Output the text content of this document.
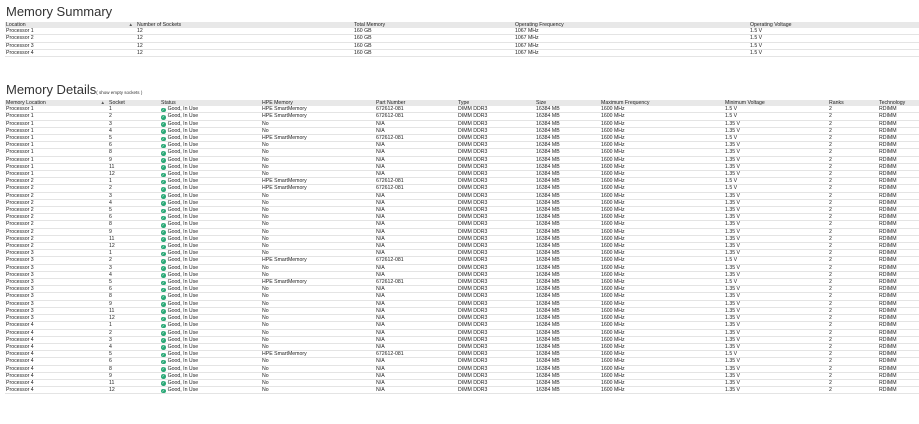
Memory Summary
Location ▲	Number of Sockets	Total Memory	Operating Frequency	Operating Voltage
Processor 1	12	160 GB	1067 MHz	1.5 V
Processor 2	12	160 GB	1067 MHz	1.5 V
Processor 3	12	160 GB	1067 MHz	1.5 V
Processor 4	12	160 GB	1067 MHz	1.5 V
Memory Details( show empty sockets )
Memory Location ▲	Socket	Status	HPE Memory	Part Number	Type	Size	Maximum Frequency	Minimum Voltage	Ranks	Technology
Processor 1	1	✓ Good, In Use	HPE SmartMemory	672612-081	DIMM DDR3	16384 MB	1600 MHz	1.5 V	2	RDIMM
Processor 1	2	✓ Good, In Use	HPE SmartMemory	672612-081	DIMM DDR3	16384 MB	1600 MHz	1.5 V	2	RDIMM
Processor 1	3	✓ Good, In Use	No	N/A	DIMM DDR3	16384 MB	1600 MHz	1.35 V	2	RDIMM
Processor 1	4	✓ Good, In Use	No	N/A	DIMM DDR3	16384 MB	1600 MHz	1.35 V	2	RDIMM
Processor 1	5	✓ Good, In Use	HPE SmartMemory	672612-081	DIMM DDR3	16384 MB	1600 MHz	1.5 V	2	RDIMM
Processor 1	6	✓ Good, In Use	No	N/A	DIMM DDR3	16384 MB	1600 MHz	1.35 V	2	RDIMM
Processor 1	8	✓ Good, In Use	No	N/A	DIMM DDR3	16384 MB	1600 MHz	1.35 V	2	RDIMM
Processor 1	9	✓ Good, In Use	No	N/A	DIMM DDR3	16384 MB	1600 MHz	1.35 V	2	RDIMM
Processor 1	11	✓ Good, In Use	No	N/A	DIMM DDR3	16384 MB	1600 MHz	1.35 V	2	RDIMM
Processor 1	12	✓ Good, In Use	No	N/A	DIMM DDR3	16384 MB	1600 MHz	1.35 V	2	RDIMM
Processor 2	1	✓ Good, In Use	HPE SmartMemory	672612-081	DIMM DDR3	16384 MB	1600 MHz	1.5 V	2	RDIMM
Processor 2	2	✓ Good, In Use	HPE SmartMemory	672612-081	DIMM DDR3	16384 MB	1600 MHz	1.5 V	2	RDIMM
Processor 2	3	✓ Good, In Use	No	N/A	DIMM DDR3	16384 MB	1600 MHz	1.35 V	2	RDIMM
Processor 2	4	✓ Good, In Use	No	N/A	DIMM DDR3	16384 MB	1600 MHz	1.35 V	2	RDIMM
Processor 2	5	✓ Good, In Use	No	N/A	DIMM DDR3	16384 MB	1600 MHz	1.35 V	2	RDIMM
Processor 2	6	✓ Good, In Use	No	N/A	DIMM DDR3	16384 MB	1600 MHz	1.35 V	2	RDIMM
Processor 2	8	✓ Good, In Use	No	N/A	DIMM DDR3	16384 MB	1600 MHz	1.35 V	2	RDIMM
Processor 2	9	✓ Good, In Use	No	N/A	DIMM DDR3	16384 MB	1600 MHz	1.35 V	2	RDIMM
Processor 2	11	✓ Good, In Use	No	N/A	DIMM DDR3	16384 MB	1600 MHz	1.35 V	2	RDIMM
Processor 2	12	✓ Good, In Use	No	N/A	DIMM DDR3	16384 MB	1600 MHz	1.35 V	2	RDIMM
Processor 3	1	✓ Good, In Use	No	N/A	DIMM DDR3	16384 MB	1600 MHz	1.35 V	2	RDIMM
Processor 3	2	✓ Good, In Use	HPE SmartMemory	672612-081	DIMM DDR3	16384 MB	1600 MHz	1.5 V	2	RDIMM
Processor 3	3	✓ Good, In Use	No	N/A	DIMM DDR3	16384 MB	1600 MHz	1.35 V	2	RDIMM
Processor 3	4	✓ Good, In Use	No	N/A	DIMM DDR3	16384 MB	1600 MHz	1.35 V	2	RDIMM
Processor 3	5	✓ Good, In Use	HPE SmartMemory	672612-081	DIMM DDR3	16384 MB	1600 MHz	1.5 V	2	RDIMM
Processor 3	6	✓ Good, In Use	No	N/A	DIMM DDR3	16384 MB	1600 MHz	1.35 V	2	RDIMM
Processor 3	8	✓ Good, In Use	No	N/A	DIMM DDR3	16384 MB	1600 MHz	1.35 V	2	RDIMM
Processor 3	9	✓ Good, In Use	No	N/A	DIMM DDR3	16384 MB	1600 MHz	1.35 V	2	RDIMM
Processor 3	11	✓ Good, In Use	No	N/A	DIMM DDR3	16384 MB	1600 MHz	1.35 V	2	RDIMM
Processor 3	12	✓ Good, In Use	No	N/A	DIMM DDR3	16384 MB	1600 MHz	1.35 V	2	RDIMM
Processor 4	1	✓ Good, In Use	No	N/A	DIMM DDR3	16384 MB	1600 MHz	1.35 V	2	RDIMM
Processor 4	2	✓ Good, In Use	No	N/A	DIMM DDR3	16384 MB	1600 MHz	1.35 V	2	RDIMM
Processor 4	3	✓ Good, In Use	No	N/A	DIMM DDR3	16384 MB	1600 MHz	1.35 V	2	RDIMM
Processor 4	4	✓ Good, In Use	No	N/A	DIMM DDR3	16384 MB	1600 MHz	1.35 V	2	RDIMM
Processor 4	5	✓ Good, In Use	HPE SmartMemory	672612-081	DIMM DDR3	16384 MB	1600 MHz	1.5 V	2	RDIMM
Processor 4	6	✓ Good, In Use	No	N/A	DIMM DDR3	16384 MB	1600 MHz	1.35 V	2	RDIMM
Processor 4	8	✓ Good, In Use	No	N/A	DIMM DDR3	16384 MB	1600 MHz	1.35 V	2	RDIMM
Processor 4	9	✓ Good, In Use	No	N/A	DIMM DDR3	16384 MB	1600 MHz	1.35 V	2	RDIMM
Processor 4	11	✓ Good, In Use	No	N/A	DIMM DDR3	16384 MB	1600 MHz	1.35 V	2	RDIMM
Processor 4	12	✓ Good, In Use	No	N/A	DIMM DDR3	16384 MB	1600 MHz	1.35 V	2	RDIMM
